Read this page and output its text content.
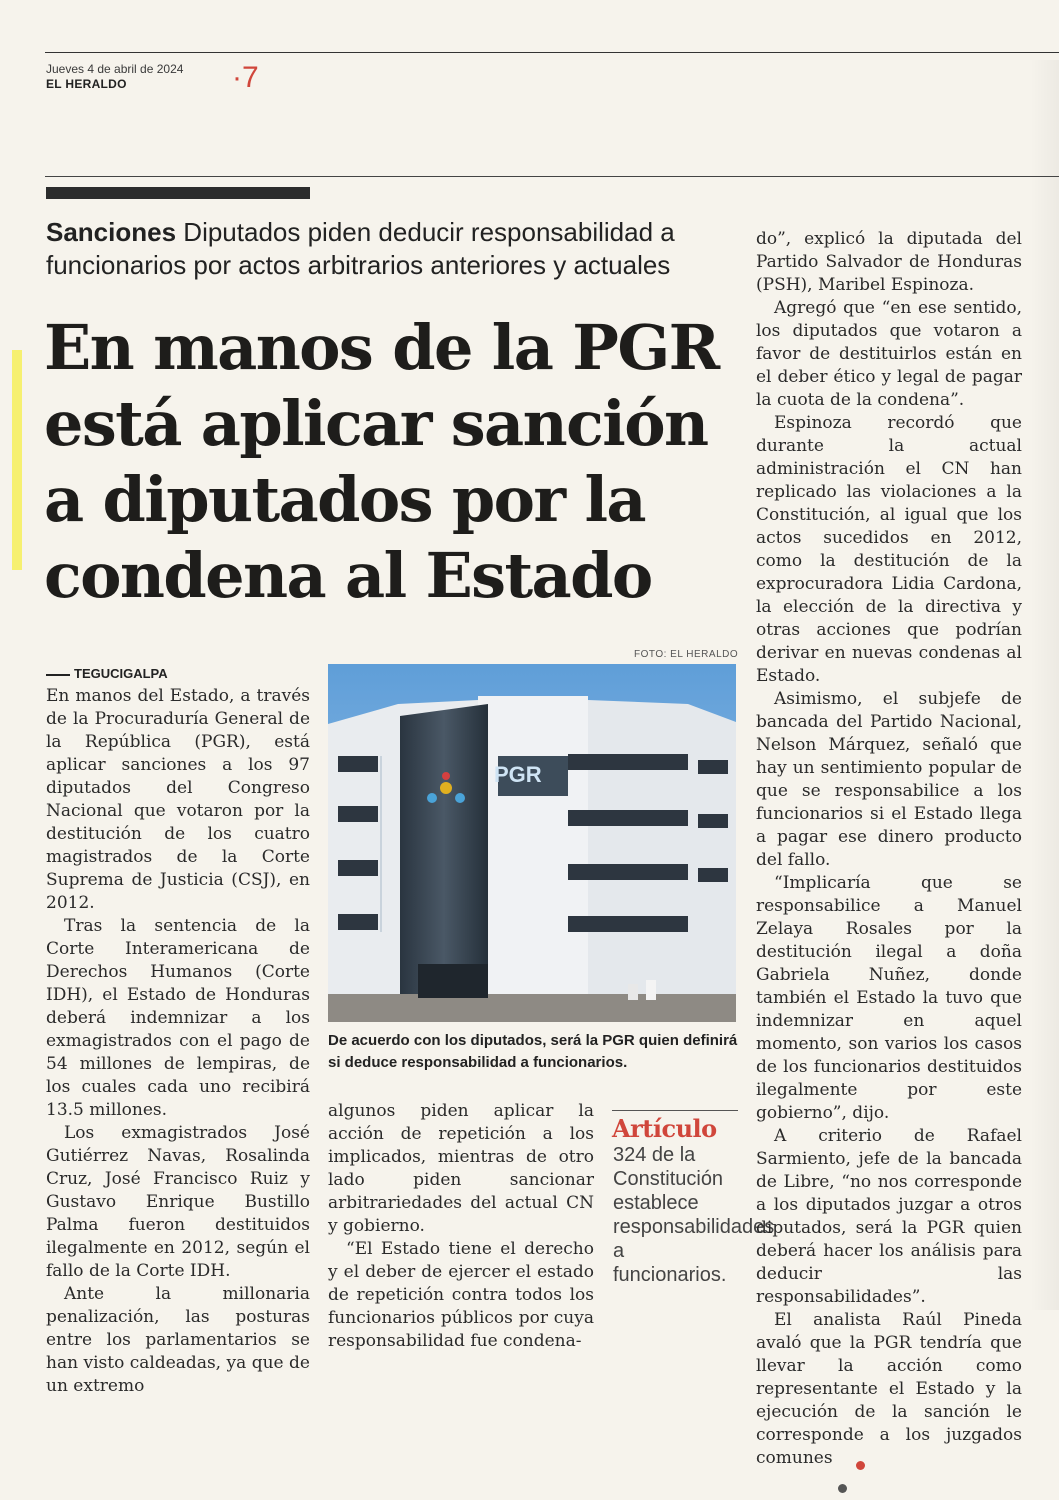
Jueves 4 de abril de 2024
EL HERALDO	·7
Sanciones Diputados piden deducir responsabilidad a funcionarios por actos arbitrarios anteriores y actuales
En manos de la PGR
está aplicar sanción
a diputados por la
condena al Estado
TEGUCIGALPA

En manos del Estado, a través de la Procuraduría General de la República (PGR), está aplicar sanciones a los 97 diputados del Congreso Nacional que votaron por la destitución de los cuatro magistrados de la Corte Suprema de Justicia (CSJ), en 2012.

Tras la sentencia de la Corte Interamericana de Derechos Humanos (Corte IDH), el Estado de Honduras deberá indemnizar a los exmagistrados con el pago de 54 millones de lempiras, de los cuales cada uno recibirá 13.5 millones.

Los exmagistrados José Gutiérrez Navas, Rosalinda Cruz, José Francisco Ruiz y Gustavo Enrique Bustillo Palma fueron destituidos ilegalmente en 2012, según el fallo de la Corte IDH.

Ante la millonaria penalización, las posturas entre los parlamentarios se han visto caldeadas, ya que de un extremo

FOTO: EL HERALDO
PGR
De acuerdo con los diputados, será la PGR quien definirá si deduce responsabilidad a funcionarios.

algunos piden aplicar la acción de repetición a los implicados, mientras de otro lado piden sancionar arbitrariedades del actual CN y gobierno.

“El Estado tiene el derecho y el deber de ejercer el estado de repetición contra todos los funcionarios públicos por cuya responsabilidad fue condena-

Artículo
324 de la Constitución establece responsabilidades a funcionarios.

do”, explicó la diputada del Partido Salvador de Honduras (PSH), Maribel Espinoza.

Agregó que “en ese sentido, los diputados que votaron a favor de destituirlos están en el deber ético y legal de pagar la cuota de la condena”.

Espinoza recordó que durante la actual administración el CN han replicado las violaciones a la Constitución, al igual que los actos sucedidos en 2012, como la destitución de la exprocuradora Lidia Cardona, la elección de la directiva y otras acciones que podrían derivar en nuevas condenas al Estado.

Asimismo, el subjefe de bancada del Partido Nacional, Nelson Márquez, señaló que hay un sentimiento popular de que se responsabilice a los funcionarios si el Estado llega a pagar ese dinero producto del fallo.

“Implicaría que se responsabilice a Manuel Zelaya Rosales por la destitución ilegal a doña Gabriela Nuñez, donde también el Estado la tuvo que indemnizar en aquel momento, son varios los casos de los funcionarios destituidos ilegalmente por este gobierno”, dijo.

A criterio de Rafael Sarmiento, jefe de la bancada de Libre, “no nos corresponde a los diputados juzgar a otros diputados, será la PGR quien deberá hacer los análisis para deducir las responsabilidades”.

El analista Raúl Pineda avaló que la PGR tendría que llevar la acción como representante el Estado y la ejecución de la sanción le corresponde a los juzgados comunes
